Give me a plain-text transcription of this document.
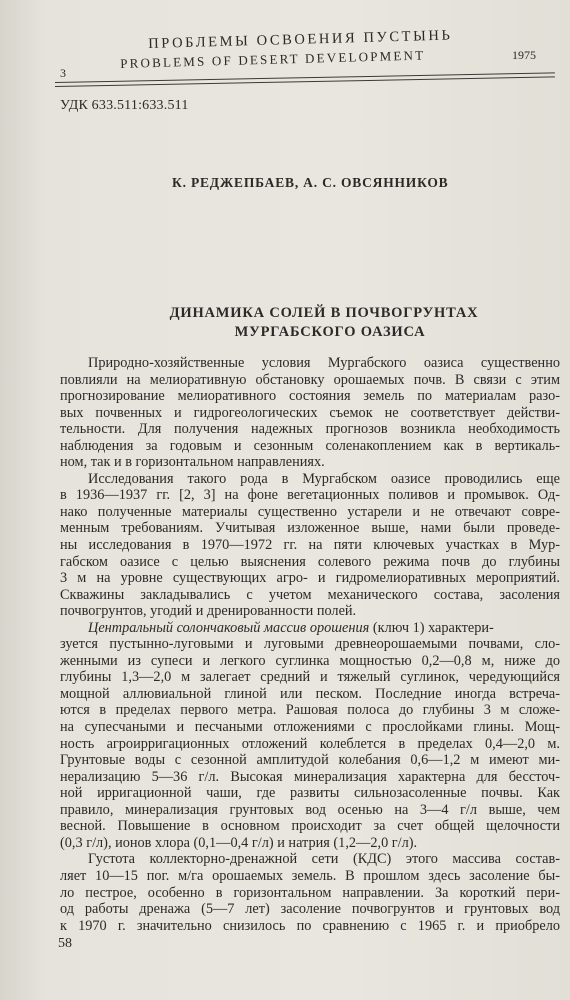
ПРОБЛЕМЫ ОСВОЕНИЯ ПУСТЫНЬ
PROBLEMS OF DESERT DEVELOPMENT
3
1975
УДК 633.511:633.511
К. РЕДЖЕПБАЕВ, А. С. ОВСЯННИКОВ
ДИНАМИКА СОЛЕЙ В ПОЧВОГРУНТАХ
МУРГАБСКОГО ОАЗИСА
Природно-хозяйственные условия Мургабского оазиса существенно
повлияли на мелиоративную обстановку орошаемых почв. В связи с этим
прогнозирование мелиоративного состояния земель по материалам разо-
вых почвенных и гидрогеологических съемок не соответствует действи-
тельности. Для получения надежных прогнозов возникла необходимость
наблюдения за годовым и сезонным соленакоплением как в вертикаль-
ном, так и в горизонтальном направлениях.
Исследования такого рода в Мургабском оазисе проводились еще
в 1936—1937 гг. [2, 3] на фоне вегетационных поливов и промывок. Од-
нако полученные материалы существенно устарели и не отвечают совре-
менным требованиям. Учитывая изложенное выше, нами были проведе-
ны исследования в 1970—1972 гг. на пяти ключевых участках в Мур-
габском оазисе с целью выяснения солевого режима почв до глубины
3 м на уровне существующих агро- и гидромелиоративных мероприятий.
Скважины закладывались с учетом механического состава, засоления
почвогрунтов, угодий и дренированности полей.
Центральный солончаковый массив орошения (ключ 1) характери-
зуется пустынно-луговыми и луговыми древнеорошаемыми почвами, сло-
женными из супеси и легкого суглинка мощностью 0,2—0,8 м, ниже до
глубины 1,3—2,0 м залегает средний и тяжелый суглинок, чередующийся
мощной аллювиальной глиной или песком. Последние иногда встреча-
ются в пределах первого метра. Рашовая полоса до глубины 3 м сложе-
на супесчаными и песчаными отложениями с прослойками глины. Мощ-
ность агроирригационных отложений колеблется в пределах 0,4—2,0 м.
Грунтовые воды с сезонной амплитудой колебания 0,6—1,2 м имеют ми-
нерализацию 5—36 г/л. Высокая минерализация характерна для бессточ-
ной ирригационной чаши, где развиты сильнозасоленные почвы. Как
правило, минерализация грунтовых вод осенью на 3—4 г/л выше, чем
весной. Повышение в основном происходит за счет общей щелочности
(0,3 г/л), ионов хлора (0,1—0,4 г/л) и натрия (1,2—2,0 г/л).
Густота коллекторно-дренажной сети (КДС) этого массива состав-
ляет 10—15 пог. м/га орошаемых земель. В прошлом здесь засоление бы-
ло пестрое, особенно в горизонтальном направлении. За короткий пери-
од работы дренажа (5—7 лет) засоление почвогрунтов и грунтовых вод
к 1970 г. значительно снизилось по сравнению с 1965 г. и приобрело
58
